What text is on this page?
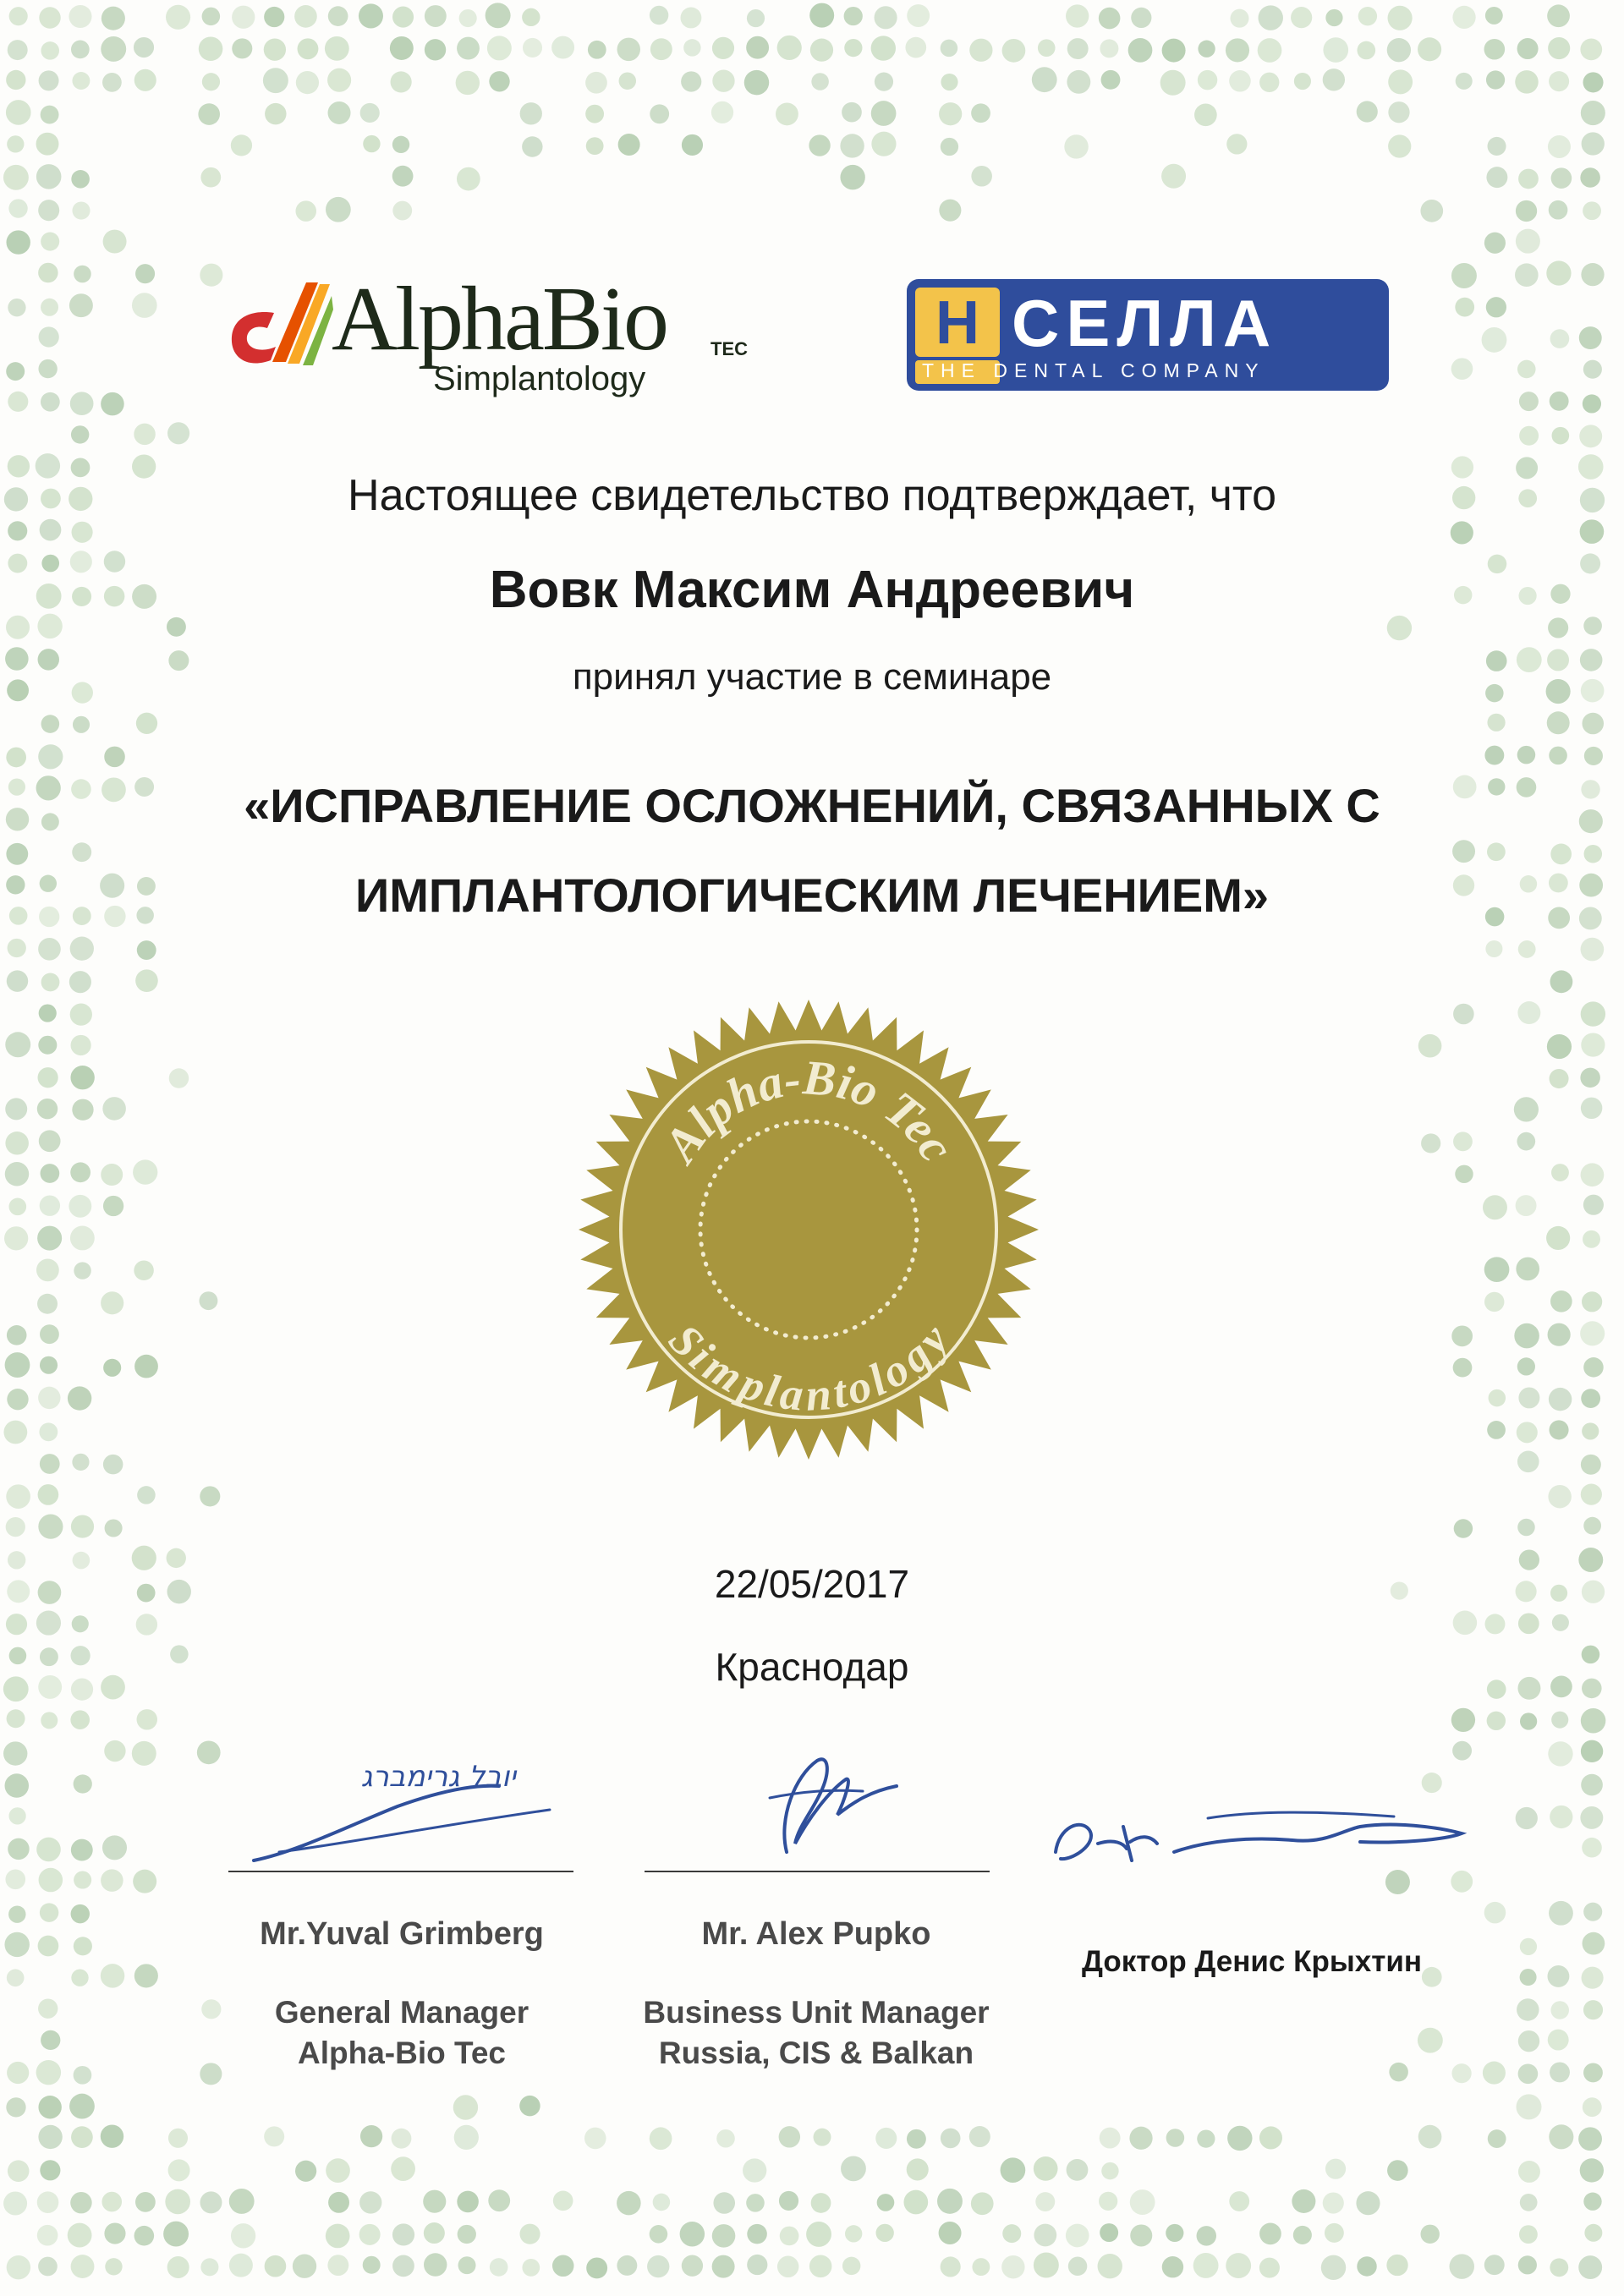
AlphaBio TEC
Simplantology
H СЕЛЛА
THE DENTAL COMPANY
Настоящее свидетельство подтверждает, что
Вовк Максим Андреевич
принял участие в семинаре
«ИСПРАВЛЕНИЕ ОСЛОЖНЕНИЙ, СВЯЗАННЫХ С
ИМПЛАНТОЛОГИЧЕСКИМ ЛЕЧЕНИЕМ»
Alpha-Bio Tec
Simplantology
22/05/2017
Краснодар
יובל גרימברג
Mr.Yuval Grimberg
General Manager
Alpha-Bio Tec
Mr. Alex Pupko
Business Unit Manager
Russia, CIS & Balkan
Доктор Денис Крыхтин
